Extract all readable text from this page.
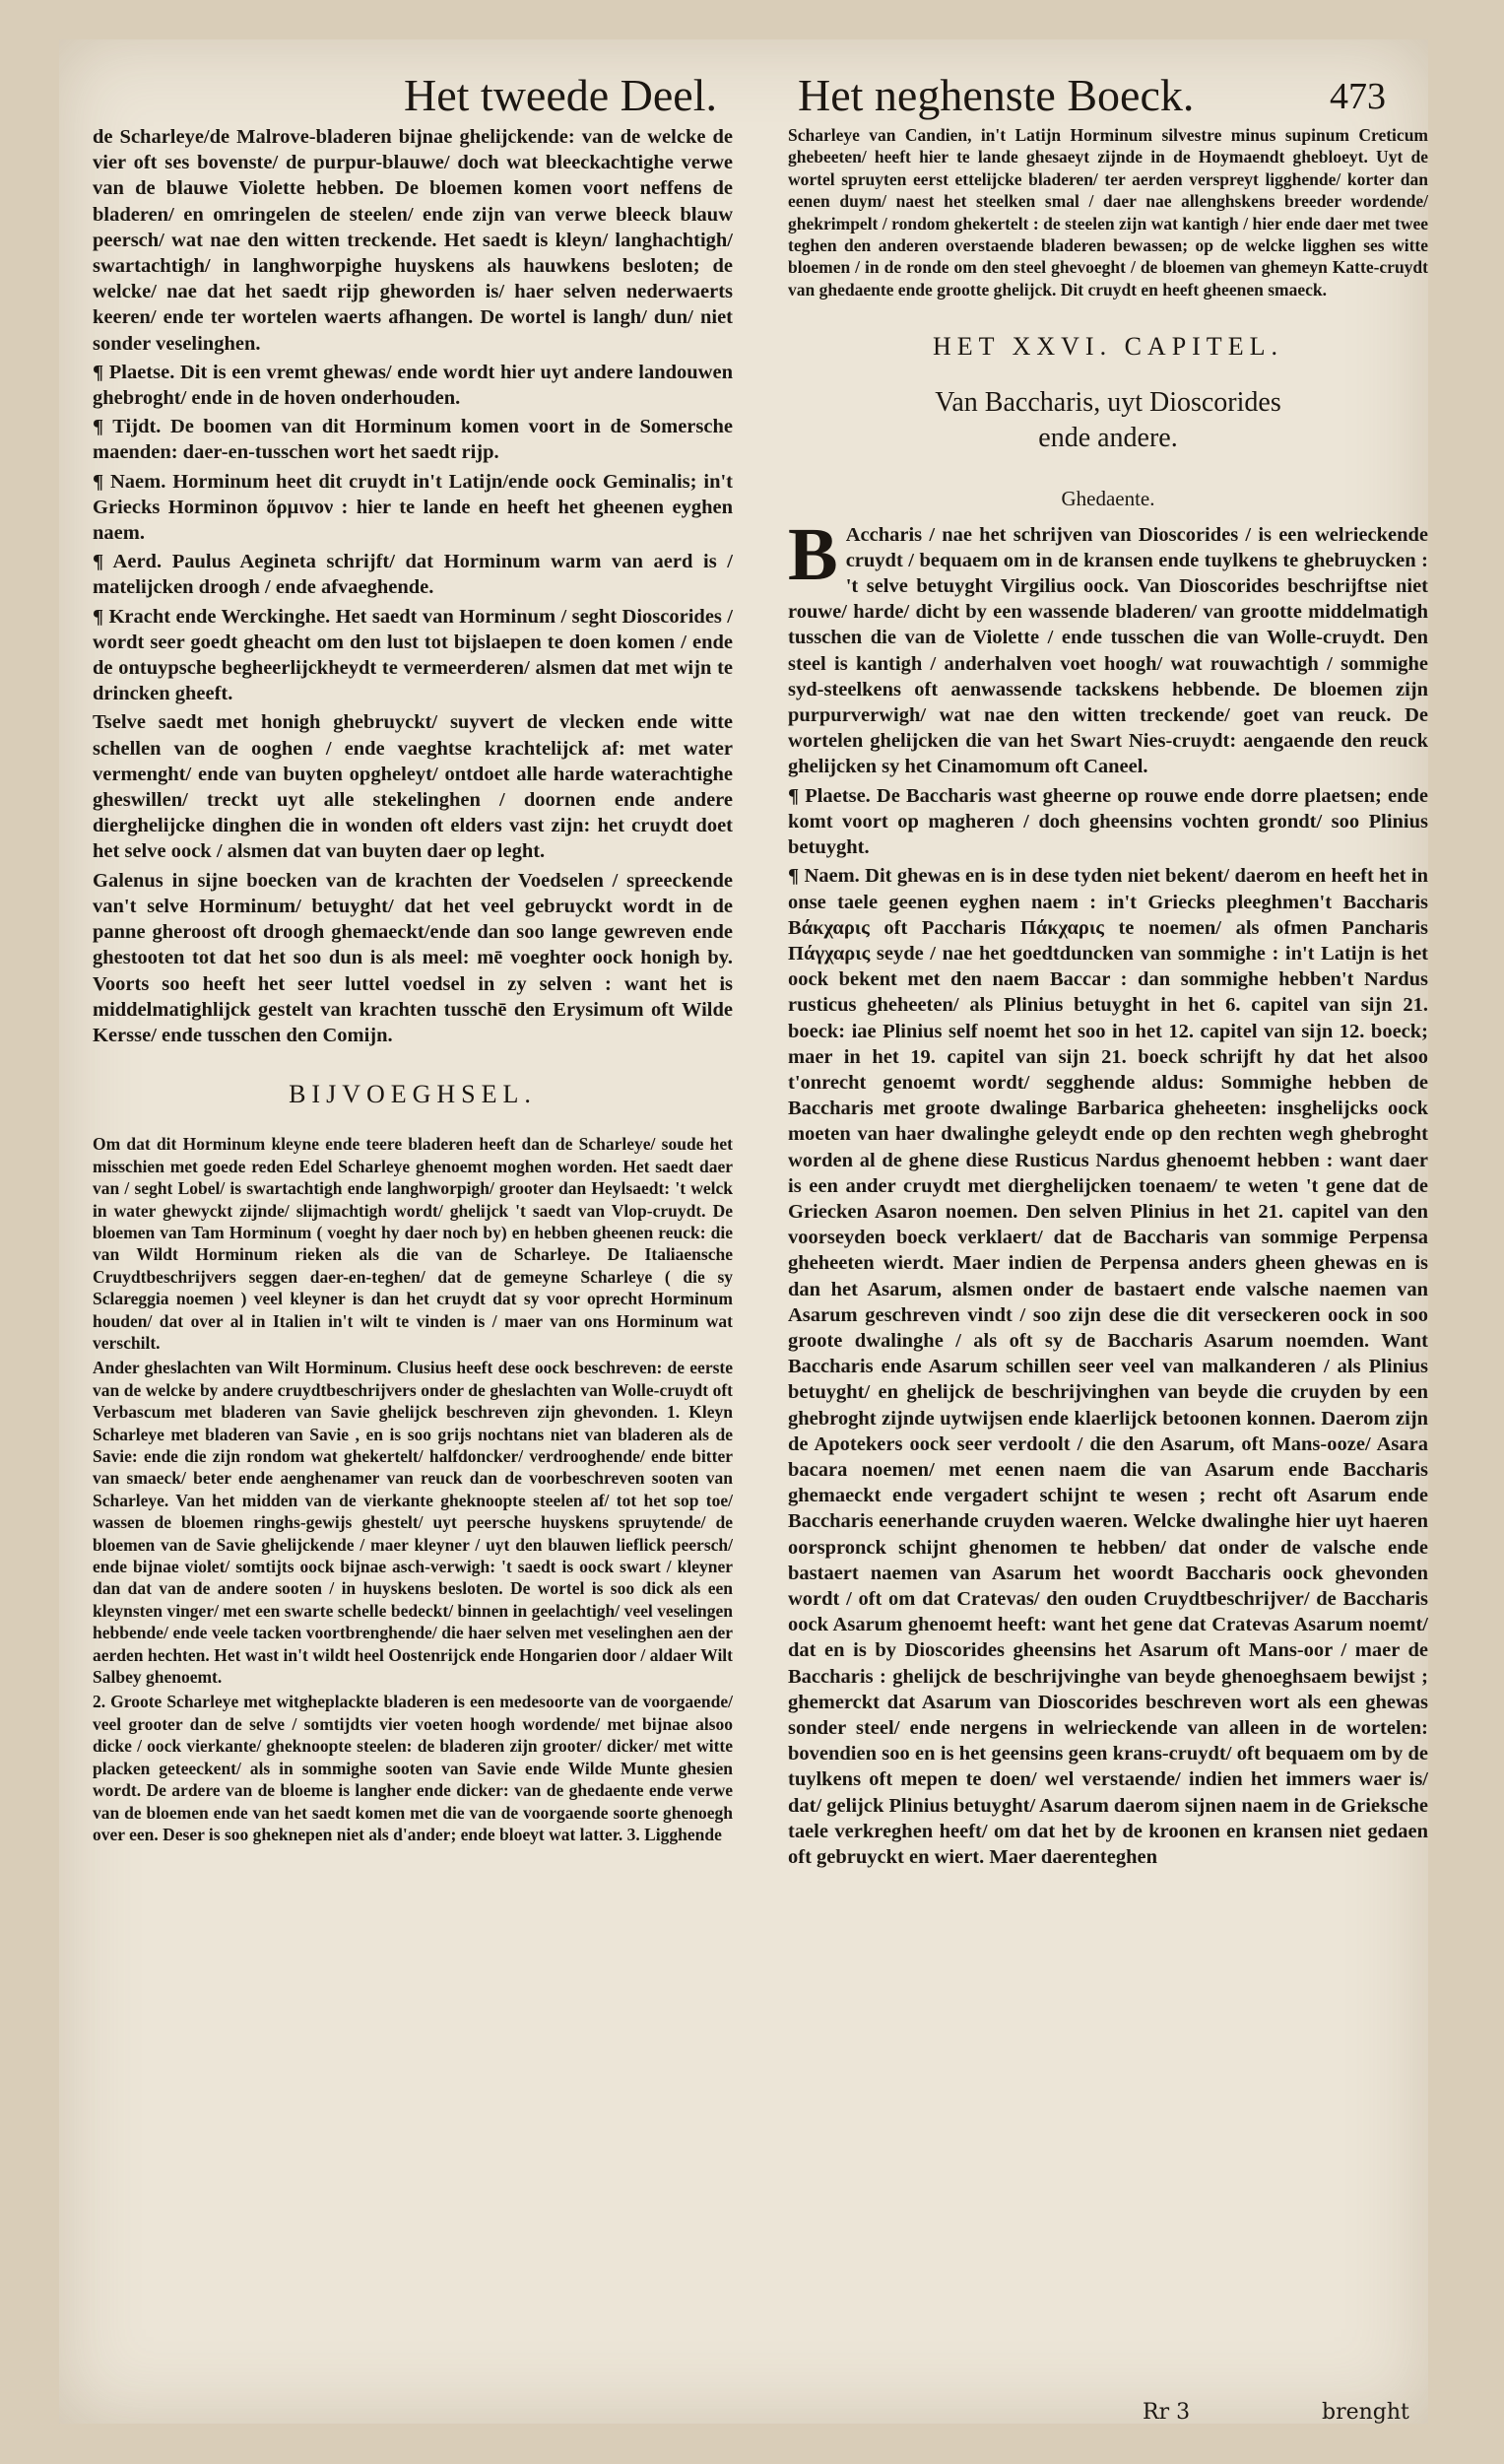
Het tweede Deel. Het neghenste Boeck.	473

de Scharleye/de Malrove-bladeren bijnae ghelijckende: van de welcke de vier oft ses bovenste/ de purpur-blauwe/ doch wat bleeckachtighe verwe van de blauwe Violette hebben. De bloemen komen voort neffens de bladeren/ en omringelen de steelen/ ende zijn van verwe bleeck blauw peersch/ wat nae den witten treckende. Het saedt is kleyn/ langhachtigh/ swartachtigh/ in langhworpighe huyskens als hauwkens besloten; de welcke/ nae dat het saedt rijp gheworden is/ haer selven nederwaerts keeren/ ende ter wortelen waerts afhangen. De wortel is langh/ dun/ niet sonder veselinghen.

¶ Plaetse. Dit is een vremt ghewas/ ende wordt hier uyt andere landouwen ghebroght/ ende in de hoven onderhouden.

¶ Tijdt. De boomen van dit Horminum komen voort in de Somersche maenden: daer-en-tusschen wort het saedt rijp.

¶ Naem. Horminum heet dit cruydt in't Latijn/ende oock Geminalis; in't Griecks Horminon ὅρμινον : hier te lande en heeft het gheenen eyghen naem.

¶ Aerd. Paulus Aegineta schrijft/ dat Horminum warm van aerd is / matelijcken droogh / ende afvaeghende.

¶ Kracht ende Werckinghe. Het saedt van Horminum / seght Dioscorides / wordt seer goedt gheacht om den lust tot bijslaepen te doen komen / ende de ontuypsche begheerlijckheydt te vermeerderen/ alsmen dat met wijn te drincken gheeft.

Tselve saedt met honigh ghebruyckt/ suyvert de vlecken ende witte schellen van de ooghen / ende vaeghtse krachtelijck af: met water vermenght/ ende van buyten opgheleyt/ ontdoet alle harde waterachtighe gheswillen/ treckt uyt alle stekelinghen / doornen ende andere dierghelijcke dinghen die in wonden oft elders vast zijn: het cruydt doet het selve oock / alsmen dat van buyten daer op leght.

Galenus in sijne boecken van de krachten der Voedselen / spreeckende van't selve Horminum/ betuyght/ dat het veel gebruyckt wordt in de panne gheroost oft droogh ghemaeckt/ende dan soo lange gewreven ende ghestooten tot dat het soo dun is als meel: mē voeghter oock honigh by. Voorts soo heeft het seer luttel voedsel in zy selven : want het is middelmatighlijck gestelt van krachten tusschē den Erysimum oft Wilde Kersse/ ende tusschen den Comijn.

BIJVOEGHSEL.

Om dat dit Horminum kleyne ende teere bladeren heeft dan de Scharleye/ soude het misschien met goede reden Edel Scharleye ghenoemt moghen worden. Het saedt daer van / seght Lobel/ is swartachtigh ende langhworpigh/ grooter dan Heylsaedt: 't welck in water ghewyckt zijnde/ slijmachtigh wordt/ ghelijck 't saedt van Vlop-cruydt. De bloemen van Tam Horminum ( voeght hy daer noch by) en hebben gheenen reuck: die van Wildt Horminum rieken als die van de Scharleye. De Italiaensche Cruydtbeschrijvers seggen daer-en-teghen/ dat de gemeyne Scharleye ( die sy Sclareggia noemen ) veel kleyner is dan het cruydt dat sy voor oprecht Horminum houden/ dat over al in Italien in't wilt te vinden is / maer van ons Horminum wat verschilt.

Ander gheslachten van Wilt Horminum. Clusius heeft dese oock beschreven: de eerste van de welcke by andere cruydtbeschrijvers onder de gheslachten van Wolle-cruydt oft Verbascum met bladeren van Savie ghelijck beschreven zijn ghevonden. 1. Kleyn Scharleye met bladeren van Savie , en is soo grijs nochtans niet van bladeren als de Savie: ende die zijn rondom wat ghekertelt/ halfdoncker/ verdrooghende/ ende bitter van smaeck/ beter ende aenghenamer van reuck dan de voorbeschreven sooten van Scharleye. Van het midden van de vierkante gheknoopte steelen af/ tot het sop toe/ wassen de bloemen ringhs-gewijs ghestelt/ uyt peersche huyskens spruytende/ de bloemen van de Savie ghelijckende / maer kleyner / uyt den blauwen lieflick peersch/ ende bijnae violet/ somtijts oock bijnae asch-verwigh: 't saedt is oock swart / kleyner dan dat van de andere sooten / in huyskens besloten. De wortel is soo dick als een kleynsten vinger/ met een swarte schelle bedeckt/ binnen in geelachtigh/ veel veselingen hebbende/ ende veele tacken voortbrenghende/ die haer selven met veselinghen aen der aerden hechten. Het wast in't wildt heel Oostenrijck ende Hongarien door / aldaer Wilt Salbey ghenoemt.

2. Groote Scharleye met witgheplackte bladeren is een medesoorte van de voorgaende/ veel grooter dan de selve / somtijdts vier voeten hoogh wordende/ met bijnae alsoo dicke / oock vierkante/ gheknoopte steelen: de bladeren zijn grooter/ dicker/ met witte placken geteeckent/ als in sommighe sooten van Savie ende Wilde Munte ghesien wordt. De ardere van de bloeme is langher ende dicker: van de ghedaente ende verwe van de bloemen ende van het saedt komen met die van de voorgaende soorte ghenoegh over een. Deser is soo gheknepen niet als d'ander; ende bloeyt wat latter. 3. Ligghende

Scharleye van Candien, in't Latijn Horminum silvestre minus supinum Creticum ghebeeten/ heeft hier te lande ghesaeyt zijnde in de Hoymaendt ghebloeyt. Uyt de wortel spruyten eerst ettelijcke bladeren/ ter aerden verspreyt ligghende/ korter dan eenen duym/ naest het steelken smal / daer nae allenghskens breeder wordende/ ghekrimpelt / rondom ghekertelt : de steelen zijn wat kantigh / hier ende daer met twee teghen den anderen overstaende bladeren bewassen; op de welcke ligghen ses witte bloemen / in de ronde om den steel ghevoeght / de bloemen van ghemeyn Katte-cruydt van ghedaente ende grootte ghelijck. Dit cruydt en heeft gheenen smaeck.

HET XXVI. CAPITEL.
Van Baccharis, uyt Dioscorides
ende andere.
Ghedaente.

B Accharis / nae het schrijven van Dioscorides / is een welrieckende cruydt / bequaem om in de kransen ende tuylkens te ghebruycken : 't selve betuyght Virgilius oock. Van Dioscorides beschrijftse niet rouwe/ harde/ dicht by een wassende bladeren/ van grootte middelmatigh tusschen die van de Violette / ende tusschen die van Wolle-cruydt. Den steel is kantigh / anderhalven voet hoogh/ wat rouwachtigh / sommighe syd-steelkens oft aenwassende tackskens hebbende. De bloemen zijn purpurverwigh/ wat nae den witten treckende/ goet van reuck. De wortelen ghelijcken die van het Swart Nies-cruydt: aengaende den reuck ghelijcken sy het Cinamomum oft Caneel.

¶ Plaetse. De Baccharis wast gheerne op rouwe ende dorre plaetsen; ende komt voort op magheren / doch gheensins vochten grondt/ soo Plinius betuyght.

¶ Naem. Dit ghewas en is in dese tyden niet bekent/ daerom en heeft het in onse taele geenen eyghen naem : in't Griecks pleeghmen't Baccharis Βάκχαρις oft Paccharis Πάκχαρις te noemen/ als ofmen Pancharis Πάγχαρις seyde / nae het goedtduncken van sommighe : in't Latijn is het oock bekent met den naem Baccar : dan sommighe hebben't Nardus rusticus gheheeten/ als Plinius betuyght in het 6. capitel van sijn 21. boeck: iae Plinius self noemt het soo in het 12. capitel van sijn 12. boeck; maer in het 19. capitel van sijn 21. boeck schrijft hy dat het alsoo t'onrecht genoemt wordt/ segghende aldus: Sommighe hebben de Baccharis met groote dwalinge Barbarica gheheeten: insghelijcks oock moeten van haer dwalinghe geleydt ende op den rechten wegh ghebroght worden al de ghene diese Rusticus Nardus ghenoemt hebben : want daer is een ander cruydt met dierghelijcken toenaem/ te weten 't gene dat de Griecken Asaron noemen. Den selven Plinius in het 21. capitel van den voorseyden boeck verklaert/ dat de Baccharis van sommige Perpensa gheheeten wierdt. Maer indien de Perpensa anders gheen ghewas en is dan het Asarum, alsmen onder de bastaert ende valsche naemen van Asarum geschreven vindt / soo zijn dese die dit verseckeren oock in soo groote dwalinghe / als oft sy de Baccharis Asarum noemden. Want Baccharis ende Asarum schillen seer veel van malkanderen / als Plinius betuyght/ en ghelijck de beschrijvinghen van beyde die cruyden by een ghebroght zijnde uytwijsen ende klaerlijck betoonen konnen. Daerom zijn de Apotekers oock seer verdoolt / die den Asarum, oft Mans-ooze/ Asara bacara noemen/ met eenen naem die van Asarum ende Baccharis ghemaeckt ende vergadert schijnt te wesen ; recht oft Asarum ende Baccharis eenerhande cruyden waeren. Welcke dwalinghe hier uyt haeren oorspronck schijnt ghenomen te hebben/ dat onder de valsche ende bastaert naemen van Asarum het woordt Baccharis oock ghevonden wordt / oft om dat Cratevas/ den ouden Cruydtbeschrijver/ de Baccharis oock Asarum ghenoemt heeft: want het gene dat Cratevas Asarum noemt/ dat en is by Dioscorides gheensins het Asarum oft Mans-oor / maer de Baccharis : ghelijck de beschrijvinghe van beyde ghenoeghsaem bewijst ; ghemerckt dat Asarum van Dioscorides beschreven wort als een ghewas sonder steel/ ende nergens in welrieckende van alleen in de wortelen: bovendien soo en is het geensins geen krans-cruydt/ oft bequaem om by de tuylkens oft mepen te doen/ wel verstaende/ indien het immers waer is/ dat/ gelijck Plinius betuyght/ Asarum daerom sijnen naem in de Grieksche taele verkreghen heeft/ om dat het by de kroonen en kransen niet gedaen oft gebruyckt en wiert. Maer daerenteghen

Rr 3	brenght
